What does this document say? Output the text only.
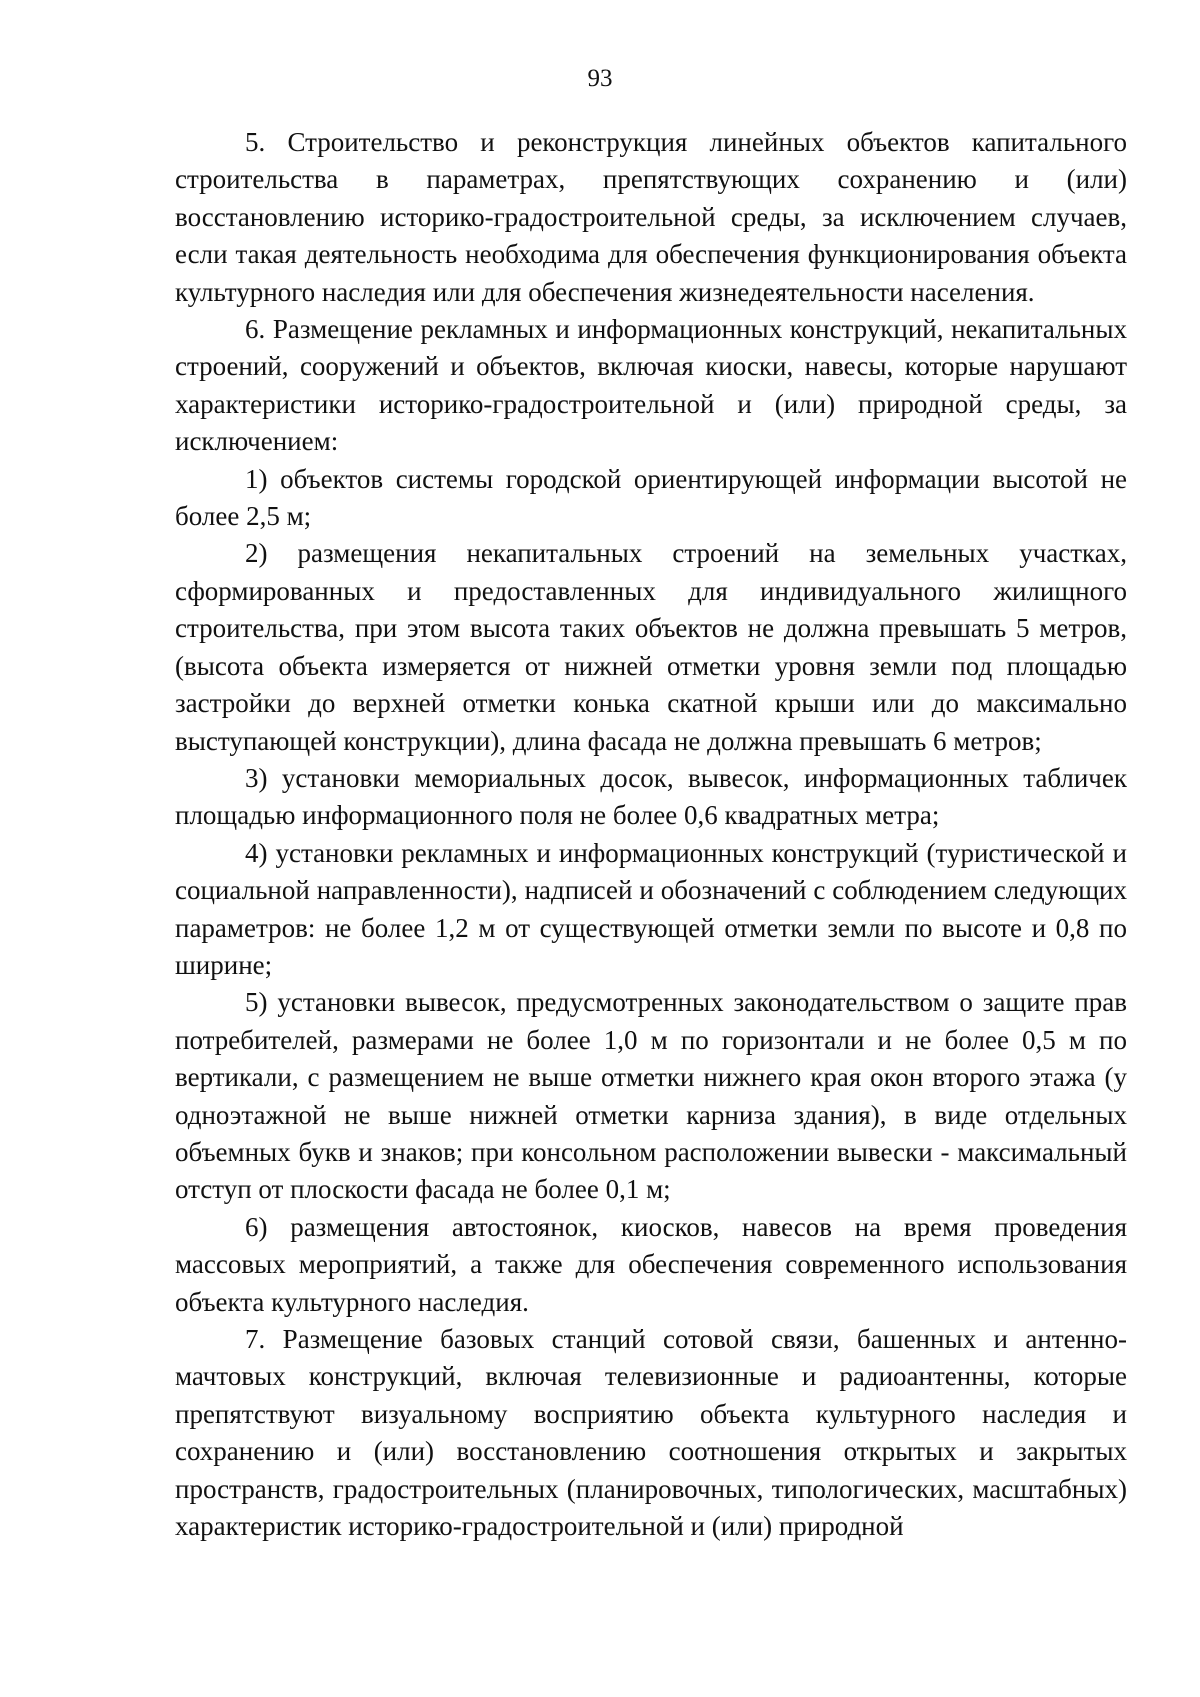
93

5. Строительство и реконструкция линейных объектов капитального строительства в параметрах, препятствующих сохранению и (или) восстановлению историко-градостроительной среды, за исключением случаев, если такая деятельность необходима для обеспечения функционирования объекта культурного наследия или для обеспечения жизнедеятельности населения.

6. Размещение рекламных и информационных конструкций, некапитальных строений, сооружений и объектов, включая киоски, навесы, которые нарушают характеристики историко-градостроительной и (или) природной среды, за исключением:

1) объектов системы городской ориентирующей информации высотой не более 2,5 м;

2) размещения некапитальных строений на земельных участках, сформированных и предоставленных для индивидуального жилищного строительства, при этом высота таких объектов не должна превышать 5 метров, (высота объекта измеряется от нижней отметки уровня земли под площадью застройки до верхней отметки конька скатной крыши или до максимально выступающей конструкции), длина фасада не должна превышать 6 метров;

3) установки мемориальных досок, вывесок, информационных табличек площадью информационного поля не более 0,6 квадратных метра;

4) установки рекламных и информационных конструкций (туристической и социальной направленности), надписей и обозначений с соблюдением следующих параметров: не более 1,2 м от существующей отметки земли по высоте и 0,8 по ширине;

5) установки вывесок, предусмотренных законодательством о защите прав потребителей, размерами не более 1,0 м по горизонтали и не более 0,5 м по вертикали, с размещением не выше отметки нижнего края окон второго этажа (у одноэтажной не выше нижней отметки карниза здания), в виде отдельных объемных букв и знаков; при консольном расположении вывески - максимальный отступ от плоскости фасада не более 0,1 м;

6) размещения автостоянок, киосков, навесов на время проведения массовых мероприятий, а также для обеспечения современного использования объекта культурного наследия.

7. Размещение базовых станций сотовой связи, башенных и антенно-мачтовых конструкций, включая телевизионные и радиоантенны, которые препятствуют визуальному восприятию объекта культурного наследия и сохранению и (или) восстановлению соотношения открытых и закрытых пространств, градостроительных (планировочных, типологических, масштабных) характеристик историко-градостроительной и (или) природной
